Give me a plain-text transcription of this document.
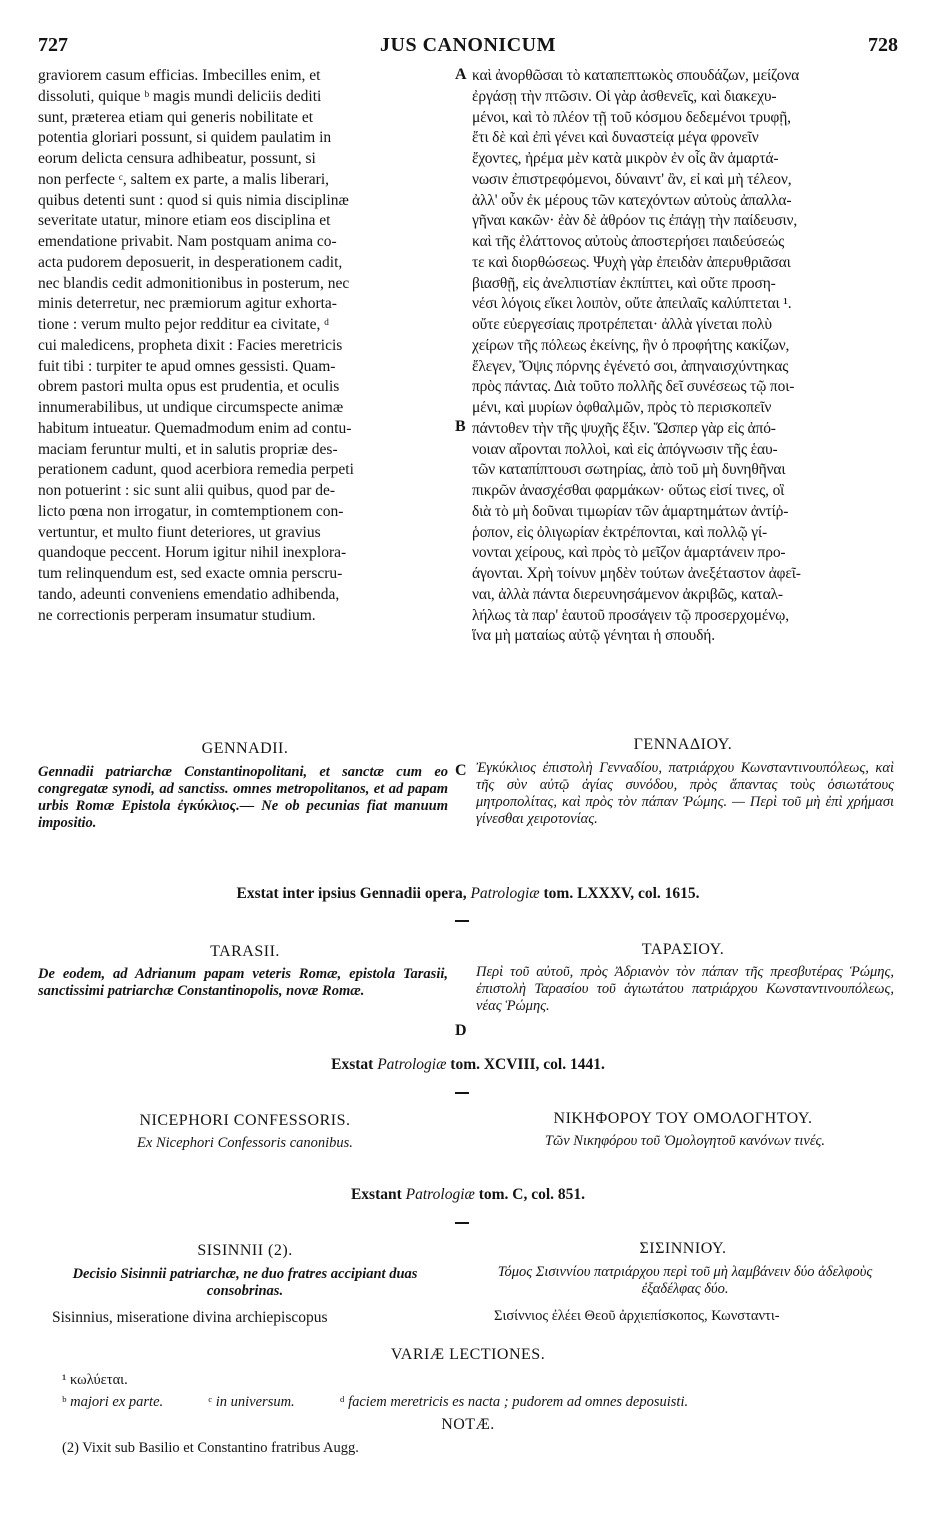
727	JUS CANONICUM	728

graviorem casum efficias. Imbecilles enim, et

dissoluti, quique ᵇ magis mundi deliciis dediti

sunt, præterea etiam qui generis nobilitate et

potentia gloriari possunt, si quidem paulatim in

eorum delicta censura adhibeatur, possunt, si

non perfecte ᶜ, saltem ex parte, a malis liberari,

quibus detenti sunt : quod si quis nimia disciplinæ

severitate utatur, minore etiam eos disciplina et

emendatione privabit. Nam postquam anima co-

acta pudorem deposuerit, in desperationem cadit,

nec blandis cedit admonitionibus in posterum, nec

minis deterretur, nec præmiorum agitur exhorta-

tione : verum multo pejor redditur ea civitate, ᵈ

cui maledicens, propheta dixit : Facies meretricis

fuit tibi : turpiter te apud omnes gessisti. Quam-

obrem pastori multa opus est prudentia, et oculis

innumerabilibus, ut undique circumspecte animæ

habitum intueatur. Quemadmodum enim ad contu-

maciam feruntur multi, et in salutis propriæ des-

perationem cadunt, quod acerbiora remedia perpeti

non potuerint : sic sunt alii quibus, quod par de-

licto pœna non irrogatur, in comtemptionem con-

vertuntur, et multo fiunt deteriores, ut gravius

quandoque peccent. Horum igitur nihil inexplora-

tum relinquendum est, sed exacte omnia perscru-

tando, adeunti conveniens emendatio adhibenda,

ne correctionis perperam insumatur studium.

καὶ ἀνορθῶσαι τὸ καταπεπτωκὸς σπουδάζων, μείζονα

ἐργάσῃ τὴν πτῶσιν. Οἱ γὰρ ἀσθενεῖς, καὶ διακεχυ-

μένοι, καὶ τὸ πλέον τῇ τοῦ κόσμου δεδεμένοι τρυφῇ,

ἔτι δὲ καὶ ἐπὶ γένει καὶ δυναστείᾳ μέγα φρονεῖν

ἔχοντες, ἠρέμα μὲν κατὰ μικρὸν ἐν οἷς ἂν ἁμαρτά-

νωσιν ἐπιστρεφόμενοι, δύναιντ' ἂν, εἰ καὶ μὴ τέλεον,

ἀλλ' οὖν ἐκ μέρους τῶν κατεχόντων αὐτοὺς ἀπαλλα-

γῆναι κακῶν· ἐὰν δὲ ἀθρόον τις ἐπάγῃ τὴν παίδευσιν,

καὶ τῆς ἐλάττονος αὐτοὺς ἀποστερήσει παιδεύσεώς

τε καὶ διορθώσεως. Ψυχὴ γὰρ ἐπειδὰν ἀπερυθριᾶσαι

βιασθῇ, εἰς ἀνελπιστίαν ἐκπίπτει, καὶ οὔτε προση-

νέσι λόγοις εἴκει λοιπὸν, οὔτε ἀπειλαῖς καλύπτεται ¹.

οὔτε εὐεργεσίαις προτρέπεται· ἀλλὰ γίνεται πολὺ

χείρων τῆς πόλεως ἐκείνης, ἣν ὁ προφήτης κακίζων,

ἔλεγεν, Ὄψις πόρνης ἐγένετό σοι, ἀπηναισχύντηκας

πρὸς πάντας. Διὰ τοῦτο πολλῆς δεῖ συνέσεως τῷ ποι-

μένι, καὶ μυρίων ὀφθαλμῶν, πρὸς τὸ περισκοπεῖν

πάντοθεν τὴν τῆς ψυχῆς ἕξιν. Ὥσπερ γὰρ εἰς ἀπό-

νοιαν αἴρονται πολλοὶ, καὶ εἰς ἀπόγνωσιν τῆς ἑαυ-

τῶν καταπίπτουσι σωτηρίας, ἀπὸ τοῦ μὴ δυνηθῆναι

πικρῶν ἀνασχέσθαι φαρμάκων· οὕτως εἰσί τινες, οἳ

διὰ τὸ μὴ δοῦναι τιμωρίαν τῶν ἁμαρτημάτων ἀντίῤ-

ῥοπον, εἰς ὀλιγωρίαν ἐκτρέπονται, καὶ πολλῷ γί-

νονται χείρους, καὶ πρὸς τὸ μεῖζον ἁμαρτάνειν προ-

άγονται. Χρὴ τοίνυν μηδὲν τούτων ἀνεξέταστον ἀφεῖ-

ναι, ἀλλὰ πάντα διερευνησάμενον ἀκριβῶς, καταλ-

λήλως τὰ παρ' ἑαυτοῦ προσάγειν τῷ προσερχομένῳ,

ἵνα μὴ ματαίως αὐτῷ γένηται ἡ σπουδή.

A
B
C
D
GENNADII.	ΓΕΝΝΑΔΙΟΥ.
Gennadii patriarchæ Constantinopolitani, et sanctæ cum eo congregatæ synodi, ad sanctiss. omnes metropolitanos, et ad papam urbis Romæ Epistola ἐγκύκλιος.— Ne ob pecunias fiat manuum impositio.
Ἐγκύκλιος ἐπιστολὴ Γενναδίου, πατριάρχου Κωνσταντινουπόλεως, καὶ τῆς σὺν αὐτῷ ἁγίας συνόδου, πρὸς ἅπαντας τοὺς ὁσιωτάτους μητροπολίτας, καὶ πρὸς τὸν πάπαν Ῥώμης. — Περὶ τοῦ μὴ ἐπὶ χρήμασι γίνεσθαι χειροτονίας.
Exstat inter ipsius Gennadii opera, Patrologiæ tom. LXXXV, col. 1615.
TARASII.	ΤΑΡΑΣΙΟΥ.
De eodem, ad Adrianum papam veteris Romæ, epistola Tarasii, sanctissimi patriarchæ Constantinopolis, novæ Romæ.
Περὶ τοῦ αὐτοῦ, πρὸς Ἀδριανὸν τὸν πάπαν τῆς πρεσβυτέρας Ῥώμης, ἐπιστολὴ Ταρασίου τοῦ ἁγιωτάτου πατριάρχου Κωνσταντινουπόλεως, νέας Ῥώμης.
Exstat Patrologiæ tom. XCVIII, col. 1441.
NICEPHORI CONFESSORIS.	ΝΙΚΗΦΟΡΟΥ ΤΟΥ ΟΜΟΛΟΓΗΤΟΥ.
Ex Nicephori Confessoris canonibus.	Τῶν Νικηφόρου τοῦ Ὁμολογητοῦ κανόνων τινές.
Exstant Patrologiæ tom. C, col. 851.
SISINNII (2).	ΣΙΣΙΝΝΙΟΥ.
Decisio Sisinnii patriarchæ, ne duo fratres accipiant duas consobrinas.
Τόμος Σισιννίου πατριάρχου περὶ τοῦ μὴ λαμβάνειν δύο ἀδελφοὺς ἐξαδέλφας δύο.
Sisinnius, miseratione divina archiepiscopus	Σισίννιος ἐλέει Θεοῦ ἀρχιεπίσκοπος, Κωνσταντι-
VARIÆ LECTIONES.
¹ κωλύεται.
ᵇ majori ex parte.	ᶜ in universum.	ᵈ faciem meretricis es nacta ; pudorem ad omnes deposuisti.
NOTÆ.
(2) Vixit sub Basilio et Constantino fratribus Augg.
